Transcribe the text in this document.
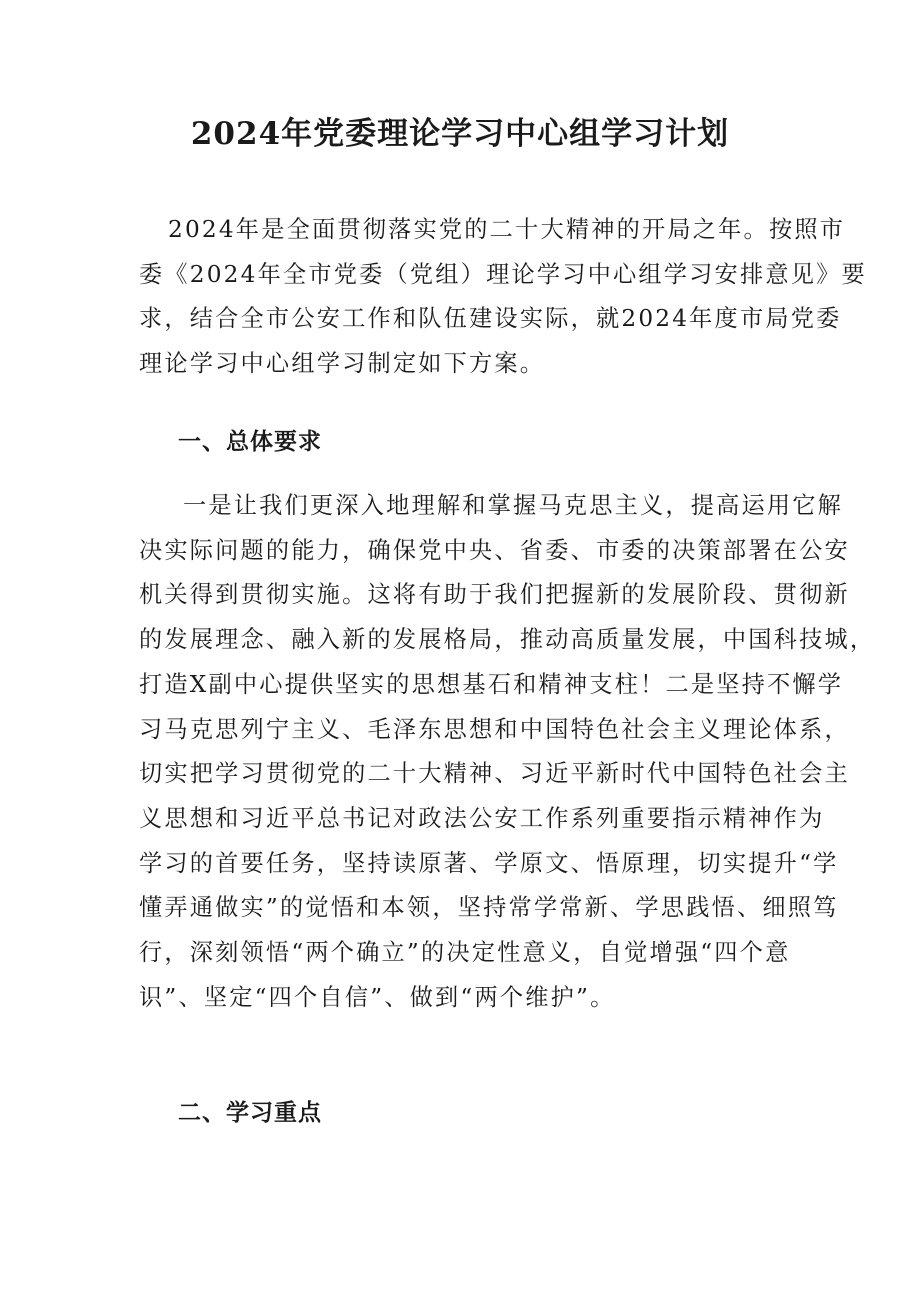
2024年党委理论学习中心组学习计划
2024年是全面贯彻落实党的二十大精神的开局之年。按照市
委《2024年全市党委（党组）理论学习中心组学习安排意见》要
求，结合全市公安工作和队伍建设实际，就2024年度市局党委
理论学习中心组学习制定如下方案。
一、总体要求
一是让我们更深入地理解和掌握马克思主义，提高运用它解
决实际问题的能力，确保党中央、省委、市委的决策部署在公安
机关得到贯彻实施。这将有助于我们把握新的发展阶段、贯彻新
的发展理念、融入新的发展格局，推动高质量发展，中国科技城，
打造X副中心提供坚实的思想基石和精神支柱！二是坚持不懈学
习马克思列宁主义、毛泽东思想和中国特色社会主义理论体系，
切实把学习贯彻党的二十大精神、习近平新时代中国特色社会主
义思想和习近平总书记对政法公安工作系列重要指示精神作为
学习的首要任务，坚持读原著、学原文、悟原理，切实提升“学
懂弄通做实”的觉悟和本领，坚持常学常新、学思践悟、细照笃
行，深刻领悟“两个确立”的决定性意义，自觉增强“四个意
识”、坚定“四个自信”、做到“两个维护”。
二、学习重点
